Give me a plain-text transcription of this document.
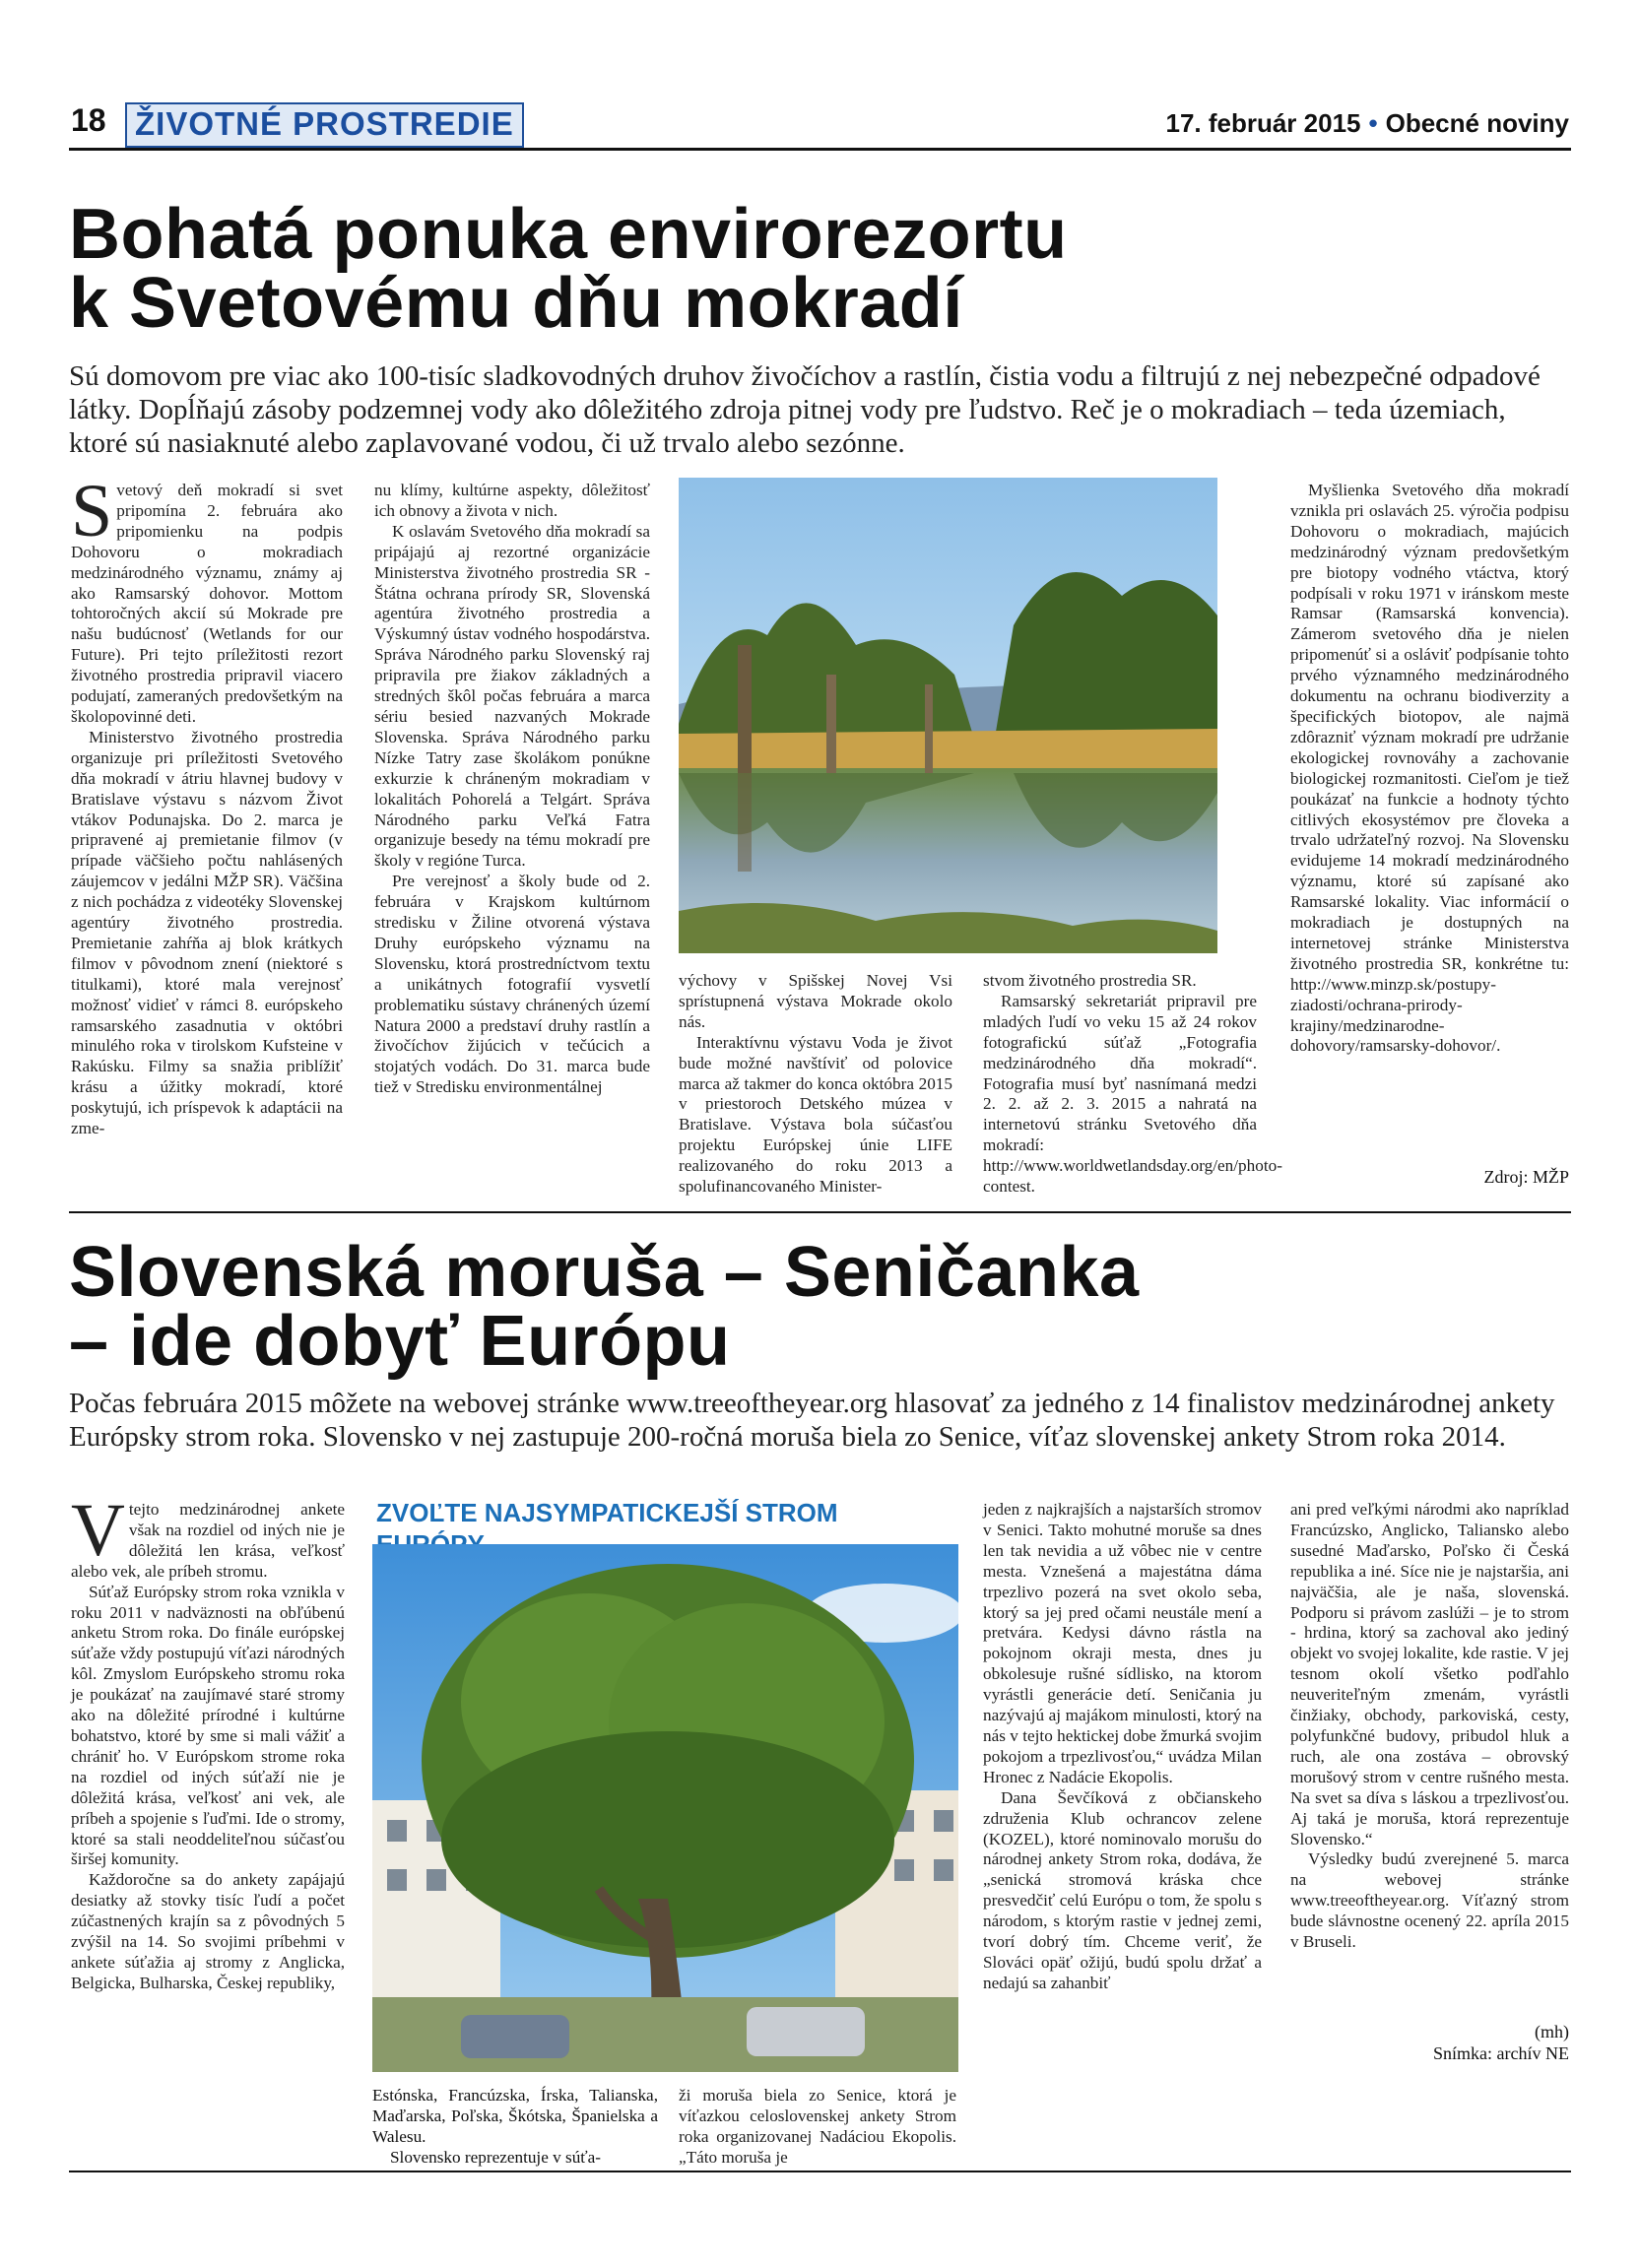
18 ŽIVOTNÉ PROSTREDIE	17. február 2015 • Obecné noviny
Bohatá ponuka envirorezortu
k Svetovému dňu mokradí
Sú domovom pre viac ako 100-tisíc sladkovodných druhov živočíchov a rastlín, čistia vodu a filtrujú z nej nebezpečné odpadové látky. Dopĺňajú zásoby podzemnej vody ako dôležitého zdroja pitnej vody pre ľudstvo. Reč je o mokradiach – teda územiach, ktoré sú nasiaknuté alebo zaplavované vodou, či už trvalo alebo sezónne.

Svetový deň mokradí si svet pripomína 2. februára ako pripomienku na podpis Dohovoru o mokradiach medzinárodného významu, známy aj ako Ramsarský dohovor. Mottom tohtoročných akcií sú Mokrade pre našu budúcnosť (Wetlands for our Future). Pri tejto príležitosti rezort životného prostredia pripravil viacero podujatí, zameraných predovšetkým na školopovinné deti.

Ministerstvo životného prostredia organizuje pri príležitosti Svetového dňa mokradí v átriu hlavnej budovy v Bratislave výstavu s názvom Život vtákov Podunajska. Do 2. marca je pripravené aj premietanie filmov (v prípade väčšieho počtu nahlásených záujemcov v jedálni MŽP SR). Väčšina z nich pochádza z videotéky Slovenskej agentúry životného prostredia. Premietanie zahŕňa aj blok krátkych filmov v pôvodnom znení (niektoré s titulkami), ktoré mala verejnosť možnosť vidieť v rámci 8. európskeho ramsarského zasadnutia v októbri minulého roka v tirolskom Kufsteine v Rakúsku. Filmy sa snažia priblížiť krásu a úžitky mokradí, ktoré poskytujú, ich príspevok k adaptácii na zme-

nu klímy, kultúrne aspekty, dôležitosť ich obnovy a života v nich.

K oslavám Svetového dňa mokradí sa pripájajú aj rezortné organizácie Ministerstva životného prostredia SR - Štátna ochrana prírody SR, Slovenská agentúra životného prostredia a Výskumný ústav vodného hospodárstva. Správa Národného parku Slovenský raj pripravila pre žiakov základných a stredných škôl počas februára a marca sériu besied nazvaných Mokrade Slovenska. Správa Národného parku Nízke Tatry zase školákom ponúkne exkurzie k chráneným mokradiam v lokalitách Pohorelá a Telgárt. Správa Národného parku Veľká Fatra organizuje besedy na tému mokradí pre školy v regióne Turca.

Pre verejnosť a školy bude od 2. februára v Krajskom kultúrnom stredisku v Žiline otvorená výstava Druhy európskeho významu na Slovensku, ktorá prostredníctvom textu a unikátnych fotografií vysvetlí problematiku sústavy chránených území Natura 2000 a predstaví druhy rastlín a živočíchov žijúcich v tečúcich a stojatých vodách. Do 31. marca bude tiež v Stredisku environmentálnej

výchovy v Spišskej Novej Vsi sprístupnená výstava Mokrade okolo nás.

Interaktívnu výstavu Voda je život bude možné navštíviť od polovice marca až takmer do konca októbra 2015 v priestoroch Detského múzea v Bratislave. Výstava bola súčasťou projektu Európskej únie LIFE realizovaného do roku 2013 a spolufinancovaného Minister-

stvom životného prostredia SR.

Ramsarský sekretariát pripravil pre mladých ľudí vo veku 15 až 24 rokov fotografickú súťaž „Fotografia medzinárodného dňa mokradí“. Fotografia musí byť nasnímaná medzi 2. 2. až 2. 3. 2015 a nahratá na internetovú stránku Svetového dňa mokradí: http://www.worldwetlandsday.org/en/photo-contest.

Myšlienka Svetového dňa mokradí vznikla pri oslavách 25. výročia podpisu Dohovoru o mokradiach, majúcich medzinárodný význam predovšetkým pre biotopy vodného vtáctva, ktorý podpísali v roku 1971 v iránskom meste Ramsar (Ramsarská konvencia). Zámerom svetového dňa je nielen pripomenúť si a osláviť podpísanie tohto prvého významného medzinárodného dokumentu na ochranu biodiverzity a špecifických biotopov, ale najmä zdôrazniť význam mokradí pre udržanie ekologickej rovnováhy a zachovanie biologickej rozmanitosti. Cieľom je tiež poukázať na funkcie a hodnoty týchto citlivých ekosystémov pre človeka a trvalo udržateľný rozvoj. Na Slovensku evidujeme 14 mokradí medzinárodného významu, ktoré sú zapísané ako Ramsarské lokality. Viac informácií o mokradiach je dostupných na internetovej stránke Ministerstva životného prostredia SR, konkrétne tu: http://www.minzp.sk/postupy-ziadosti/ochrana-prirody-krajiny/medzinarodne-dohovory/ramsarsky-dohovor/.

Zdroj: MŽP
Slovenská moruša – Seničanka
– ide dobyť Európu
Počas februára 2015 môžete na webovej stránke www.treeoftheyear.org hlasovať za jedného z 14 finalistov medzinárodnej ankety Európsky strom roka. Slovensko v nej zastupuje 200-ročná moruša biela zo Senice, víťaz slovenskej ankety Strom roka 2014.

Vtejto medzinárodnej ankete však na rozdiel od iných nie je dôležitá len krása, veľkosť alebo vek, ale príbeh stromu.

Súťaž Európsky strom roka vznikla v roku 2011 v nadväznosti na obľúbenú anketu Strom roka. Do finále európskej súťaže vždy postupujú víťazi národných kôl. Zmyslom Európskeho stromu roka je poukázať na zaujímavé staré stromy ako na dôležité prírodné i kultúrne bohatstvo, ktoré by sme si mali vážiť a chrániť ho. V Európskom strome roka na rozdiel od iných súťaží nie je dôležitá krása, veľkosť ani vek, ale príbeh a spojenie s ľuďmi. Ide o stromy, ktoré sa stali neoddeliteľnou súčasťou širšej komunity.

Každoročne sa do ankety zapájajú desiatky až stovky tisíc ľudí a počet zúčastnených krajín sa z pôvodných 5 zvýšil na 14. So svojimi príbehmi v ankete súťažia aj stromy z Anglicka, Belgicka, Bulharska, Českej republiky,

ZVOĽTE NAJSYMPATICKEJŠÍ STROM

Estónska, Francúzska, Írska, Talianska, Maďarska, Poľska, Škótska, Španielska a Walesu.

Slovensko reprezentuje v súťa-

ži moruša biela zo Senice, ktorá je víťazkou celoslovenskej ankety Strom roka organizovanej Nadáciou Ekopolis. „Táto moruša je

jeden z najkrajších a najstarších stromov v Senici. Takto mohutné moruše sa dnes len tak nevidia a už vôbec nie v centre mesta. Vznešená a majestátna dáma trpezlivo pozerá na svet okolo seba, ktorý sa jej pred očami neustále mení a pretvára. Kedysi dávno rástla na pokojnom okraji mesta, dnes ju obkolesuje rušné sídlisko, na ktorom vyrástli generácie detí. Seničania ju nazývajú aj majákom minulosti, ktorý na nás v tejto hektickej dobe žmurká svojim pokojom a trpezlivosťou,“ uvádza Milan Hronec z Nadácie Ekopolis.

Dana Ševčíková z občianskeho združenia Klub ochrancov zelene (KOZEL), ktoré nominovalo morušu do národnej ankety Strom roka, dodáva, že „senická stromová kráska chce presvedčiť celú Európu o tom, že spolu s národom, s ktorým rastie v jednej zemi, tvorí dobrý tím. Chceme veriť, že Slováci opäť ožijú, budú spolu držať a nedajú sa zahanbiť

ani pred veľkými národmi ako napríklad Francúzsko, Anglicko, Taliansko alebo susedné Maďarsko, Poľsko či Česká republika a iné. Síce nie je najstaršia, ani najväčšia, ale je naša, slovenská. Podporu si právom zaslúži – je to strom - hrdina, ktorý sa zachoval ako jediný objekt vo svojej lokalite, kde rastie. V jej tesnom okolí všetko podľahlo neuveriteľným zmenám, vyrástli činžiaky, obchody, parkoviská, cesty, polyfunkčné budovy, pribudol hluk a ruch, ale ona zostáva – obrovský morušový strom v centre rušného mesta. Na svet sa díva s láskou a trpezlivosťou. Aj taká je moruša, ktorá reprezentuje Slovensko.“

Výsledky budú zverejnené 5. marca na webovej stránke www.treeoftheyear.org. Víťazný strom bude slávnostne ocenený 22. apríla 2015 v Bruseli.

(mh)
Snímka: archív NE
